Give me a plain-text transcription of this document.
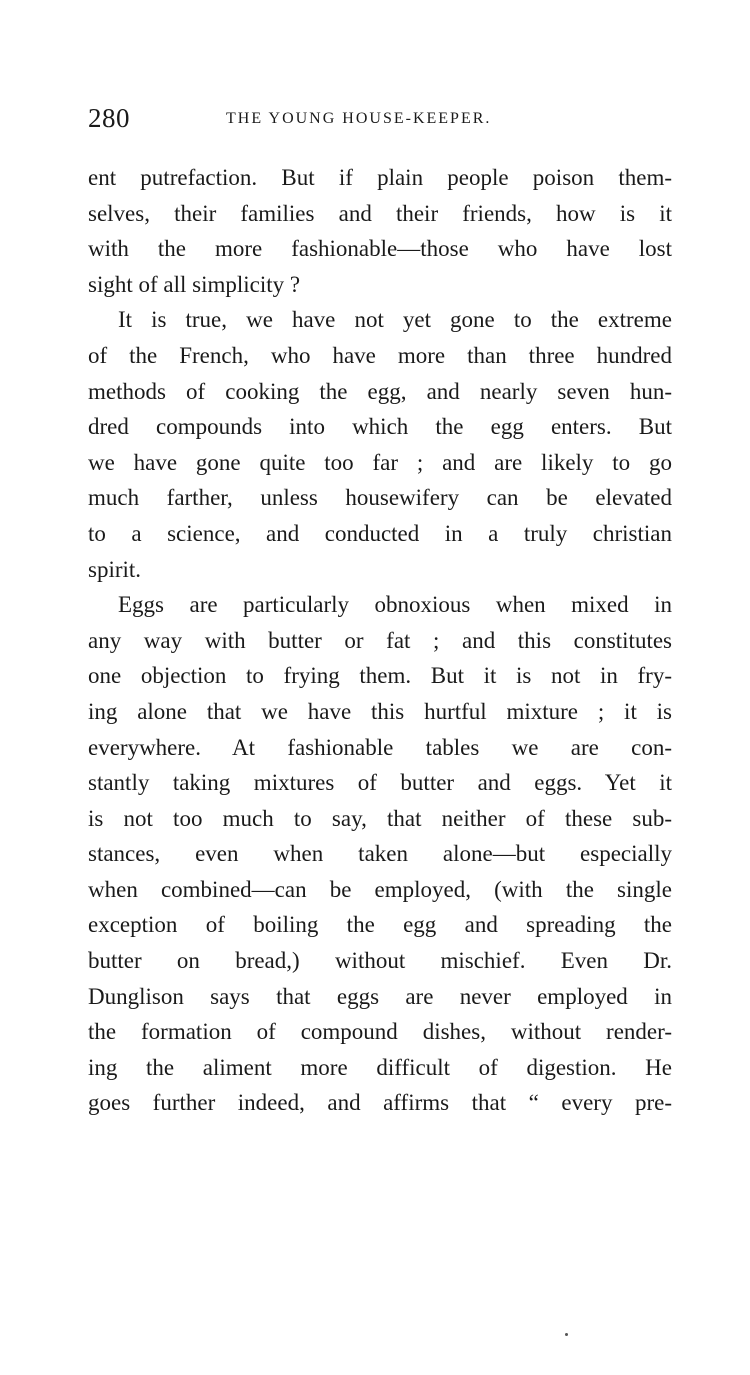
280	THE YOUNG HOUSE-KEEPER.
ent putrefaction. But if plain people poison them-
selves, their families and their friends, how is it
with the more fashionable—those who have lost
sight of all simplicity ?
It is true, we have not yet gone to the extreme
of the French, who have more than three hundred
methods of cooking the egg, and nearly seven hun-
dred compounds into which the egg enters. But
we have gone quite too far ; and are likely to go
much farther, unless housewifery can be elevated
to a science, and conducted in a truly christian
spirit.
Eggs are particularly obnoxious when mixed in
any way with butter or fat ; and this constitutes
one objection to frying them. But it is not in fry-
ing alone that we have this hurtful mixture ; it is
everywhere. At fashionable tables we are con-
stantly taking mixtures of butter and eggs. Yet it
is not too much to say, that neither of these sub-
stances, even when taken alone—but especially
when combined—can be employed, (with the single
exception of boiling the egg and spreading the
butter on bread,) without mischief. Even Dr.
Dunglison says that eggs are never employed in
the formation of compound dishes, without render-
ing the aliment more difficult of digestion. He
goes further indeed, and affirms that “ every pre-
